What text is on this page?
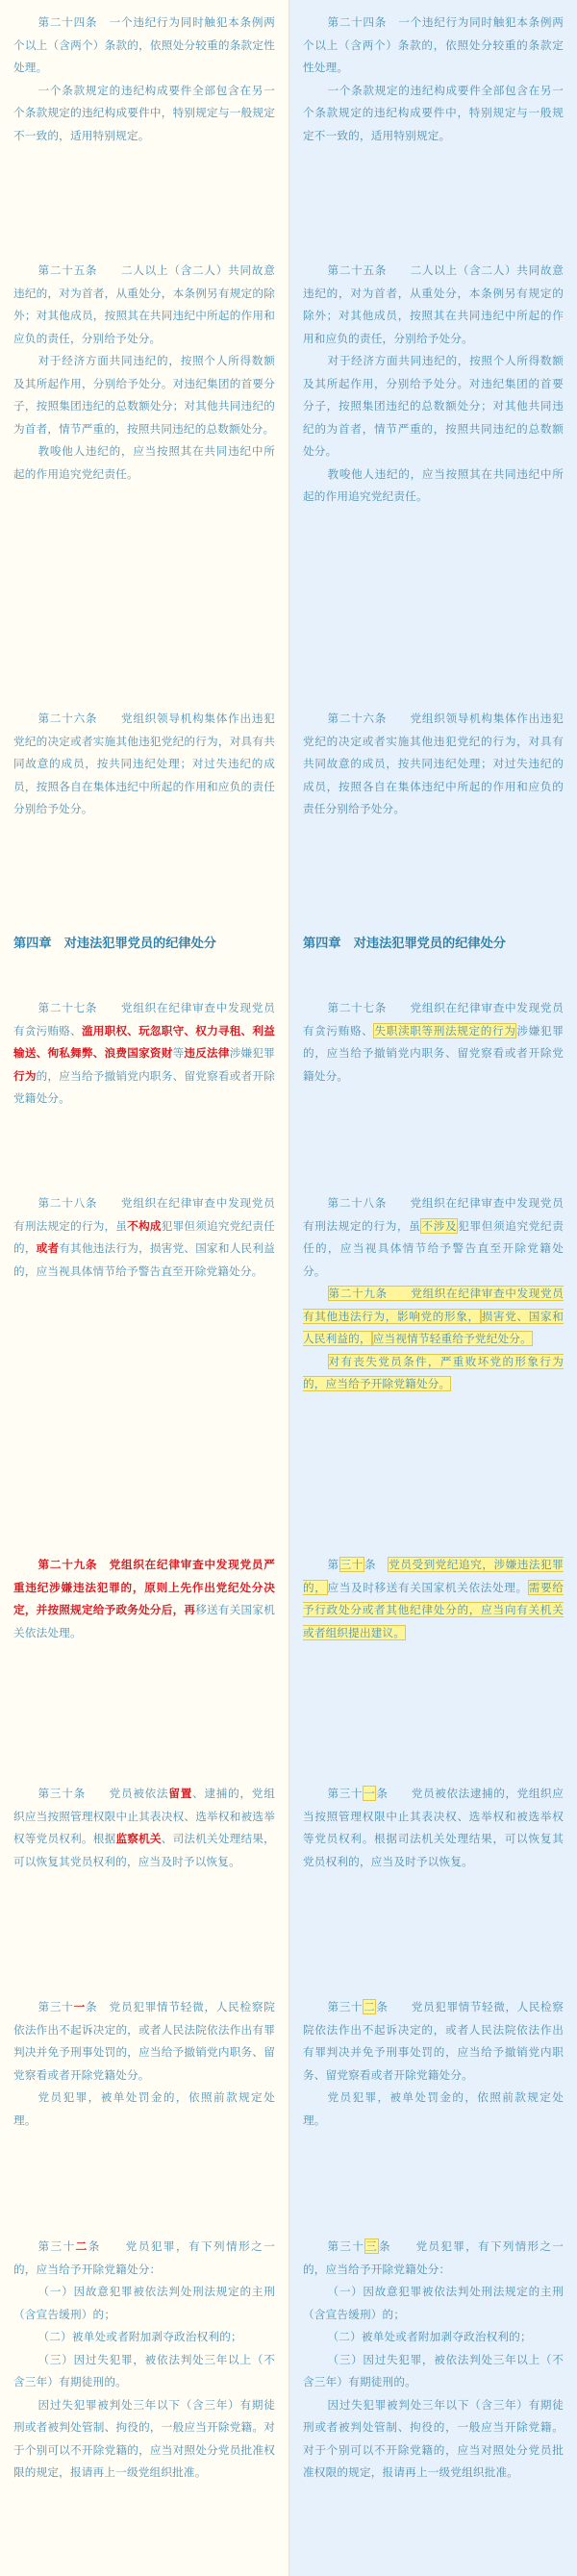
第二十四条　一个违纪行为同时触犯本条例两个以上（含两个）条款的，依照处分较重的条款定性处理。

一个条款规定的违纪构成要件全部包含在另一个条款规定的违纪构成要件中，特别规定与一般规定不一致的，适用特别规定。

第二十五条　　二人以上（含二人）共同故意违纪的，对为首者，从重处分，本条例另有规定的除外；对其他成员，按照其在共同违纪中所起的作用和应负的责任，分别给予处分。

对于经济方面共同违纪的，按照个人所得数额及其所起作用，分别给予处分。对违纪集团的首要分子，按照集团违纪的总数额处分；对其他共同违纪的为首者，情节严重的，按照共同违纪的总数额处分。

教唆他人违纪的，应当按照其在共同违纪中所起的作用追究党纪责任。

第二十六条　　党组织领导机构集体作出违犯党纪的决定或者实施其他违犯党纪的行为，对具有共同故意的成员，按共同违纪处理；对过失违纪的成员，按照各自在集体违纪中所起的作用和应负的责任分别给予处分。

第二十七条　　党组织在纪律审查中发现党员有贪污贿赂、滥用职权、玩忽职守、权力寻租、利益输送、徇私舞弊、浪费国家资财等违反法律涉嫌犯罪行为的，应当给予撤销党内职务、留党察看或者开除党籍处分。

第二十八条　　党组织在纪律审查中发现党员有刑法规定的行为，虽不构成犯罪但须追究党纪责任的，或者有其他违法行为，损害党、国家和人民利益的，应当视具体情节给予警告直至开除党籍处分。

第二十九条　党组织在纪律审查中发现党员严重违纪涉嫌违法犯罪的，原则上先作出党纪处分决定，并按照规定给予政务处分后，再移送有关国家机关依法处理。

第三十条　　党员被依法留置、逮捕的，党组织应当按照管理权限中止其表决权、选举权和被选举权等党员权利。根据监察机关、司法机关处理结果，可以恢复其党员权利的，应当及时予以恢复。

第三十一条　党员犯罪情节轻微，人民检察院依法作出不起诉决定的，或者人民法院依法作出有罪判决并免予刑事处罚的，应当给予撤销党内职务、留党察看或者开除党籍处分。

党员犯罪，被单处罚金的，依照前款规定处理。

第三十二条　　党员犯罪，有下列情形之一的，应当给予开除党籍处分：

（一）因故意犯罪被依法判处刑法规定的主刑（含宣告缓刑）的；

（二）被单处或者附加剥夺政治权利的；

（三）因过失犯罪，被依法判处三年以上（不含三年）有期徒刑的。

因过失犯罪被判处三年以下（含三年）有期徒刑或者被判处管制、拘役的，一般应当开除党籍。对于个别可以不开除党籍的，应当对照处分党员批准权限的规定，报请再上一级党组织批准。

第四章　对违法犯罪党员的纪律处分

第二十四条　一个违纪行为同时触犯本条例两个以上（含两个）条款的，依照处分较重的条款定性处理。

一个条款规定的违纪构成要件全部包含在另一个条款规定的违纪构成要件中，特别规定与一般规定不一致的，适用特别规定。

第二十五条　　二人以上（含二人）共同故意违纪的，对为首者，从重处分，本条例另有规定的除外；对其他成员，按照其在共同违纪中所起的作用和应负的责任，分别给予处分。

对于经济方面共同违纪的，按照个人所得数额及其所起作用，分别给予处分。对违纪集团的首要分子，按照集团违纪的总数额处分；对其他共同违纪的为首者，情节严重的，按照共同违纪的总数额处分。

教唆他人违纪的，应当按照其在共同违纪中所起的作用追究党纪责任。

第二十六条　　党组织领导机构集体作出违犯党纪的决定或者实施其他违犯党纪的行为，对具有共同故意的成员，按共同违纪处理；对过失违纪的成员，按照各自在集体违纪中所起的作用和应负的责任分别给予处分。

第二十七条　　党组织在纪律审查中发现党员有贪污贿赂、失职渎职等刑法规定的行为涉嫌犯罪的，应当给予撤销党内职务、留党察看或者开除党籍处分。

第二十八条　　党组织在纪律审查中发现党员有刑法规定的行为，虽不涉及犯罪但须追究党纪责任的，应当视具体情节给予警告直至开除党籍处分。

第二十九条　　党组织在纪律审查中发现党员有其他违法行为，影响党的形象， 损害党、国家和人民利益的， 应当视情节轻重给予党纪处分。

对有丧失党员条件，严重败坏党的形象行为的，应当给予开除党籍处分。

第三十条　党员受到党纪追究，涉嫌违法犯罪的，应当及时移送有关国家机关依法处理。需要给予行政处分或者其他纪律处分的，应当向有关机关或者组织提出建议。

第三十一条　　党员被依法逮捕的，党组织应当按照管理权限中止其表决权、选举权和被选举权等党员权利。根据司法机关处理结果，可以恢复其党员权利的，应当及时予以恢复。

第三十二条　　党员犯罪情节轻微，人民检察院依法作出不起诉决定的，或者人民法院依法作出有罪判决并免予刑事处罚的，应当给予撤销党内职务、留党察看或者开除党籍处分。

党员犯罪，被单处罚金的，依照前款规定处理。

第三十三条　　党员犯罪，有下列情形之一的，应当给予开除党籍处分：

（一）因故意犯罪被依法判处刑法规定的主刑（含宣告缓刑）的；

（二）被单处或者附加剥夺政治权利的；

（三）因过失犯罪，被依法判处三年以上（不含三年）有期徒刑的。

因过失犯罪被判处三年以下（含三年）有期徒刑或者被判处管制、拘役的，一般应当开除党籍。对于个别可以不开除党籍的，应当对照处分党员批准权限的规定，报请再上一级党组织批准。

第四章　对违法犯罪党员的纪律处分
